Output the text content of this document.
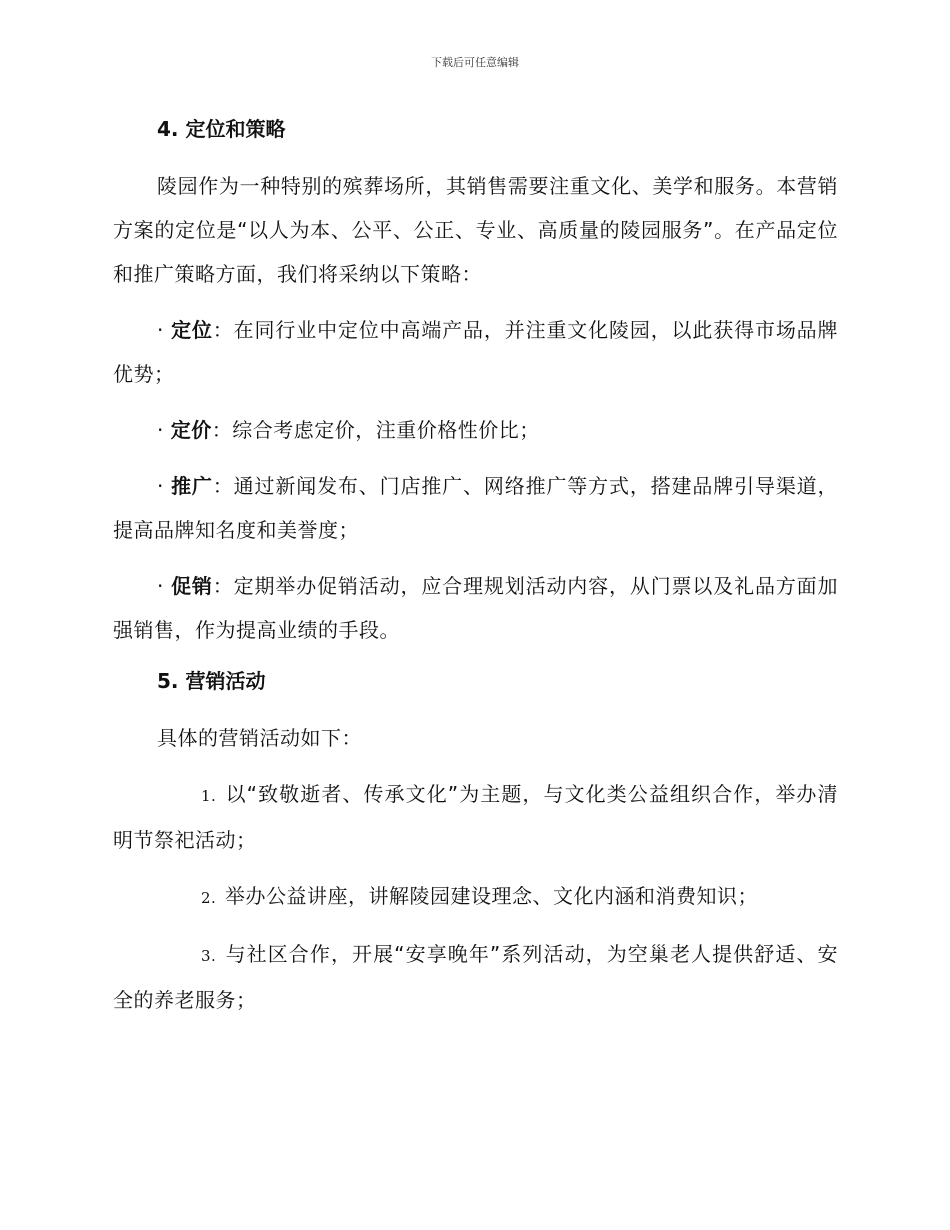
下载后可任意编辑
4. 定位和策略

陵园作为一种特别的殡葬场所，其销售需要注重文化、美学和服务。本营销方案的定位是“以人为本、公平、公正、专业、高质量的陵园服务”。在产品定位和推广策略方面，我们将采纳以下策略：

· 定位：在同行业中定位中高端产品，并注重文化陵园，以此获得市场品牌优势；

· 定价：综合考虑定价，注重价格性价比；

· 推广：通过新闻发布、门店推广、网络推广等方式，搭建品牌引导渠道，提高品牌知名度和美誉度；

· 促销：定期举办促销活动，应合理规划活动内容，从门票以及礼品方面加强销售，作为提高业绩的手段。

5. 营销活动

具体的营销活动如下：

1. 以“致敬逝者、传承文化”为主题，与文化类公益组织合作，举办清明节祭祀活动；

2. 举办公益讲座，讲解陵园建设理念、文化内涵和消费知识；

3. 与社区合作，开展“安享晚年”系列活动，为空巢老人提供舒适、安全的养老服务；
